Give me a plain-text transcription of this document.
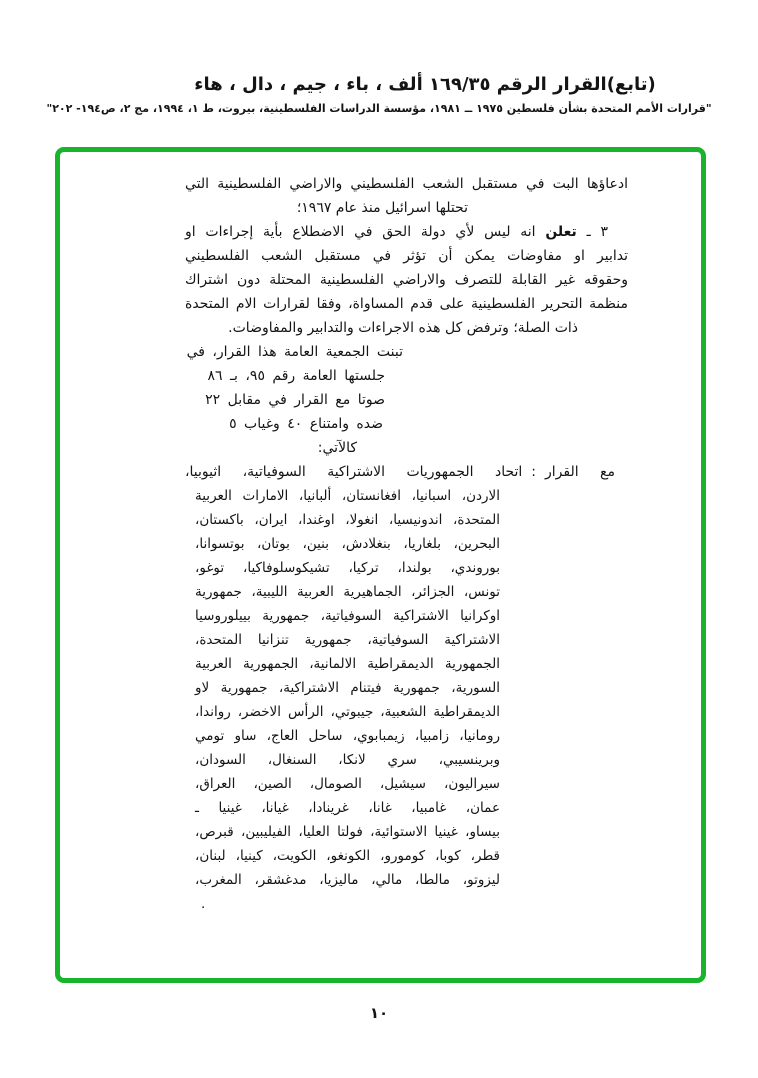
(تابع)القرار الرقم ١٦٩/٣٥ ألف ، باء ، جيم ، دال ، هاء
"قرارات الأمم المتحدة بشأن فلسطين ١٩٧٥ ــ ١٩٨١، مؤسسة الدراسات الفلسطينية، بيروت، ط ١، ١٩٩٤، مج ٢، ص١٩٤- ٢٠٢"
ادعاؤها البت في مستقبل الشعب الفلسطيني والاراضي الفلسطينية التي
تحتلها اسرائيل منذ عام ١٩٦٧؛
٣ ـ تعلن انه ليس لأي دولة الحق في الاضطلاع بأية إجراءات او
تدابير او مفاوضات يمكن أن تؤثر في مستقبل الشعب الفلسطيني
وحقوقه غير القابلة للتصرف والاراضي الفلسطينية المحتلة دون اشتراك
منظمة التحرير الفلسطينية على قدم المساواة، وفقا لقرارات الام المتحدة
ذات الصلة؛ وترفض كل هذه الاجراءات والتدابير والمفاوضات.
تبنت الجمعية العامة هذا القرار، في
جلستها العامة رقم ٩٥، بـ ٨٦
صوتا مع القرار في مقابل ٢٢
ضده وامتناع ٤٠ وغياب ٥
كالآتي:
مع القرار:اتحاد الجمهوريات الاشتراكية السوفياتية، اثيوبيا،
الاردن، اسبانيا، افغانستان، ألبانيا، الامارات العربية
المتحدة، اندونيسيا، انغولا، اوغندا، ايران، باكستان،
البحرين، بلغاريا، بنغلادش، بنين، بوتان، بوتسوانا،
بوروندي، بولندا، تركيا، تشيكوسلوفاكيا، توغو،
تونس، الجزائر، الجماهيرية العربية الليبية، جمهورية
اوكرانيا الاشتراكية السوفياتية، جمهورية بييلوروسيا
الاشتراكية السوفياتية، جمهورية تنزانيا المتحدة،
الجمهورية الديمقراطية الالمانية، الجمهورية العربية
السورية، جمهورية فيتنام الاشتراكية، جمهورية لاو
الديمقراطية الشعبية، جيبوتي، الرأس الاخضر، رواندا،
رومانيا، زامبيا، زيمبابوي، ساحل العاج، ساو تومي
وبرينسيبي، سري لانكا، السنغال، السودان،
سيراليون، سيشيل، الصومال، الصين، العراق،
عمان، غامبيا، غانا، غرينادا، غيانا، غينيا ـ
بيساو، غينيا الاستوائية، فولتا العليا، الفيليبين، قبرص،
قطر، كوبا، كومورو، الكونغو، الكويت، كينيا، لبنان،
ليزوتو، مالطا، مالي، ماليزيا، مدغشقر، المغرب،
.
١٠
